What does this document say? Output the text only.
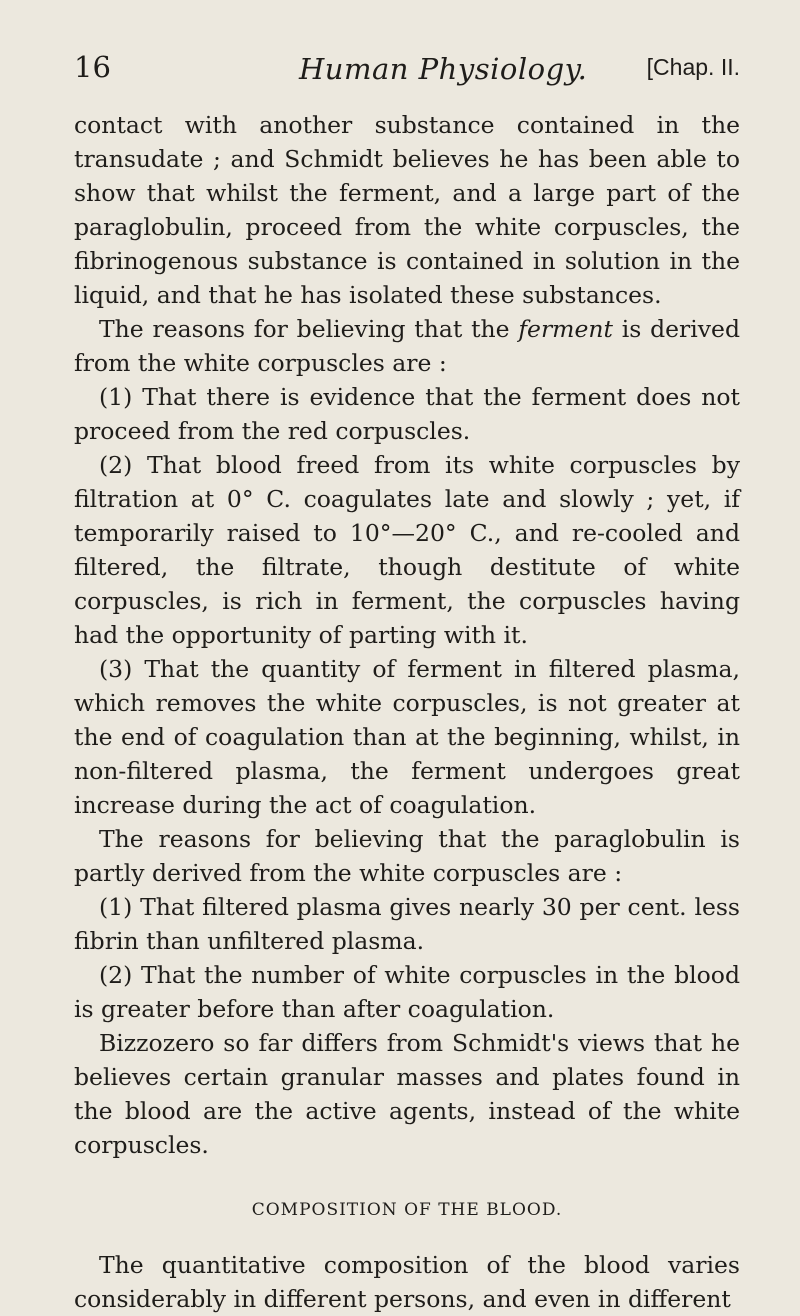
16	Human Physiology.	[Chap. II.

contact with another substance contained in the transudate ; and Schmidt believes he has been able to show that whilst the ferment, and a large part of the paraglobulin, proceed from the white corpuscles, the fibrinogenous substance is contained in solution in the liquid, and that he has isolated these substances.

The reasons for believing that the ferment is derived from the white corpuscles are :

(1) That there is evidence that the ferment does not proceed from the red corpuscles.

(2) That blood freed from its white corpuscles by filtration at 0° C. coagulates late and slowly ; yet, if temporarily raised to 10°—20° C., and re-cooled and filtered, the filtrate, though destitute of white corpuscles, is rich in ferment, the corpuscles having had the opportunity of parting with it.

(3) That the quantity of ferment in filtered plasma, which removes the white corpuscles, is not greater at the end of coagulation than at the beginning, whilst, in non-filtered plasma, the ferment undergoes great increase during the act of coagulation.

The reasons for believing that the paraglobulin is partly derived from the white corpuscles are :

(1) That filtered plasma gives nearly 30 per cent. less fibrin than unfiltered plasma.

(2) That the number of white corpuscles in the blood is greater before than after coagulation.

Bizzozero so far differs from Schmidt's views that he believes certain granular masses and plates found in the blood are the active agents, instead of the white corpuscles.

COMPOSITION OF THE BLOOD.

The quantitative composition of the blood varies considerably in different persons, and even in different
